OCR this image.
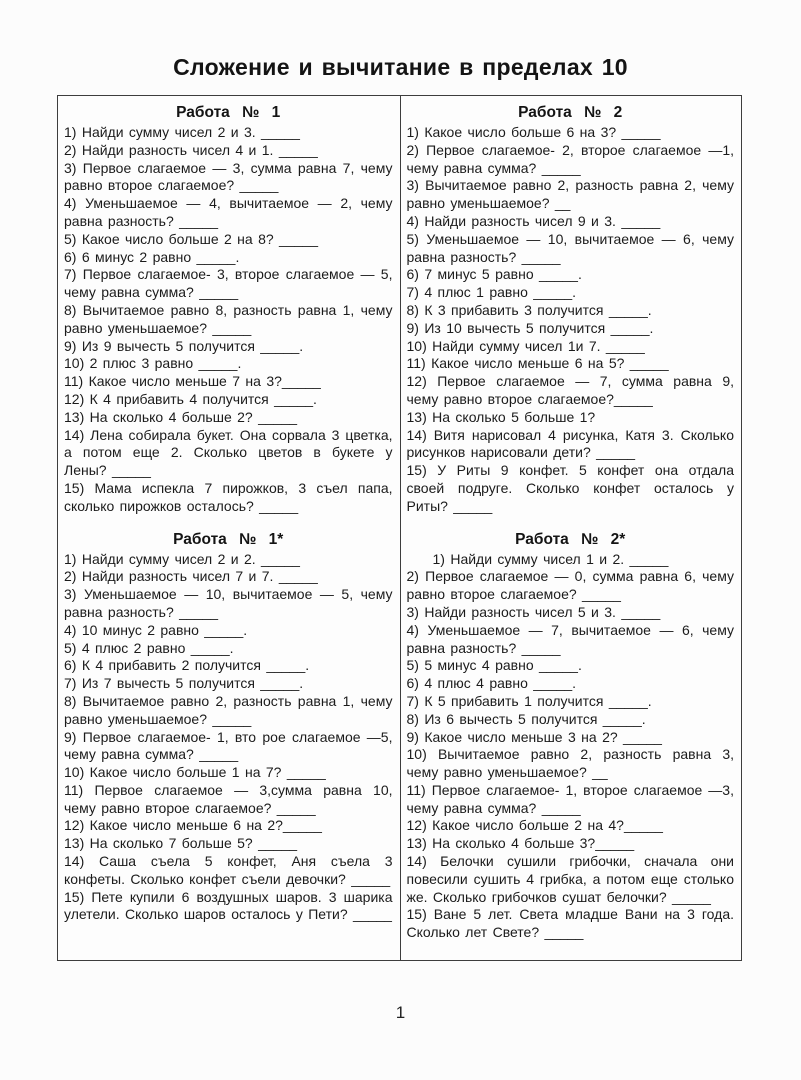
Сложение и вычитание в пределах 10
Работа № 1

1) Найди сумму чисел 2 и 3. _____

2) Найди разность чисел 4 и 1. _____

3) Первое слагаемое — 3, сумма равна 7, чему равно второе слагаемое? _____

4) Уменьшаемое — 4, вычитаемое — 2, чему равна разность? _____

5) Какое число больше 2 на 8? _____

6) 6 минус 2 равно _____.

7) Первое слагаемое- 3, второе слагаемое — 5, чему равна сумма? _____

8) Вычитаемое равно 8, разность равна 1, чему равно уменьшаемое? _____

9) Из 9 вычесть 5 получится _____.

10) 2 плюс 3 равно _____.

11) Какое число меньше 7 на 3?_____

12) К 4 прибавить 4 получится _____.

13) На сколько 4 больше 2? _____

14) Лена собирала букет. Она сорвала 3 цветка, а потом еще 2. Сколько цветов в букете у Лены? _____

15) Мама испекла 7 пирожков, 3 съел папа, сколько пирожков осталось? _____

Работа № 1*

1) Найди сумму чисел 2 и 2. _____

2) Найди разность чисел 7 и 7. _____

3) Уменьшаемое — 10, вычитаемое — 5, чему равна разность? _____

4) 10 минус 2 равно _____.

5) 4 плюс 2 равно _____.

6) К 4 прибавить 2 получится _____.

7) Из 7 вычесть 5 получится _____.

8) Вычитаемое равно 2, разность равна 1, чему равно уменьшаемое? _____

9) Первое слагаемое- 1, вто рое слагаемое —5, чему равна сумма? _____

10) Какое число больше 1 на 7? _____

11) Первое слагаемое — 3,сумма равна 10, чему равно второе слагаемое? _____

12) Какое число меньше 6 на 2?_____

13) На сколько 7 больше 5? _____

14) Саша съела 5 конфет, Аня съела 3 конфеты. Сколько конфет съели девочки? _____

15) Пете купили 6 воздушных шаров. 3 шарика улетели. Сколько шаров осталось у Пети? _____

Работа № 2

1) Какое число больше 6 на 3? _____

2) Первое слагаемое- 2, второе слагаемое —1, чему равна сумма? _____

3) Вычитаемое равно 2, разность равна 2, чему равно уменьшаемое? __

4) Найди разность чисел 9 и 3. _____

5) Уменьшаемое — 10, вычитаемое — 6, чему равна разность? _____

6) 7 минус 5 равно _____.

7) 4 плюс 1 равно _____.

8) К 3 прибавить 3 получится _____.

9) Из 10 вычесть 5 получится _____.

10) Найди сумму чисел 1и 7. _____

11) Какое число меньше 6 на 5? _____

12) Первое слагаемое — 7, сумма равна 9, чему равно второе слагаемое?_____

13) На сколько 5 больше 1?

14) Витя нарисовал 4 рисунка, Катя 3. Сколько рисунков нарисовали дети? _____

15) У Риты 9 конфет. 5 конфет она отдала своей подруге. Сколько конфет осталось у Риты? _____

Работа № 2*

1) Найди сумму чисел 1 и 2. _____

2) Первое слагаемое — 0, сумма равна 6, чему равно второе слагаемое? _____

3) Найди разность чисел 5 и 3. _____

4) Уменьшаемое — 7, вычитаемое — 6, чему равна разность? _____

5) 5 минус 4 равно _____.

6) 4 плюс 4 равно _____.

7) К 5 прибавить 1 получится _____.

8) Из 6 вычесть 5 получится _____.

9) Какое число меньше 3 на 2? _____

10) Вычитаемое равно 2, разность равна 3, чему равно уменьшаемое? __

11) Первое слагаемое- 1, второе слагаемое —3, чему равна сумма? _____

12) Какое число больше 2 на 4?_____

13) На сколько 4 больше 3?_____

14) Белочки сушили грибочки, сначала они повесили сушить 4 грибка, а потом еще столько же. Сколько грибочков сушат белочки? _____

15) Ване 5 лет. Света младше Вани на 3 года. Сколько лет Свете? _____

1
